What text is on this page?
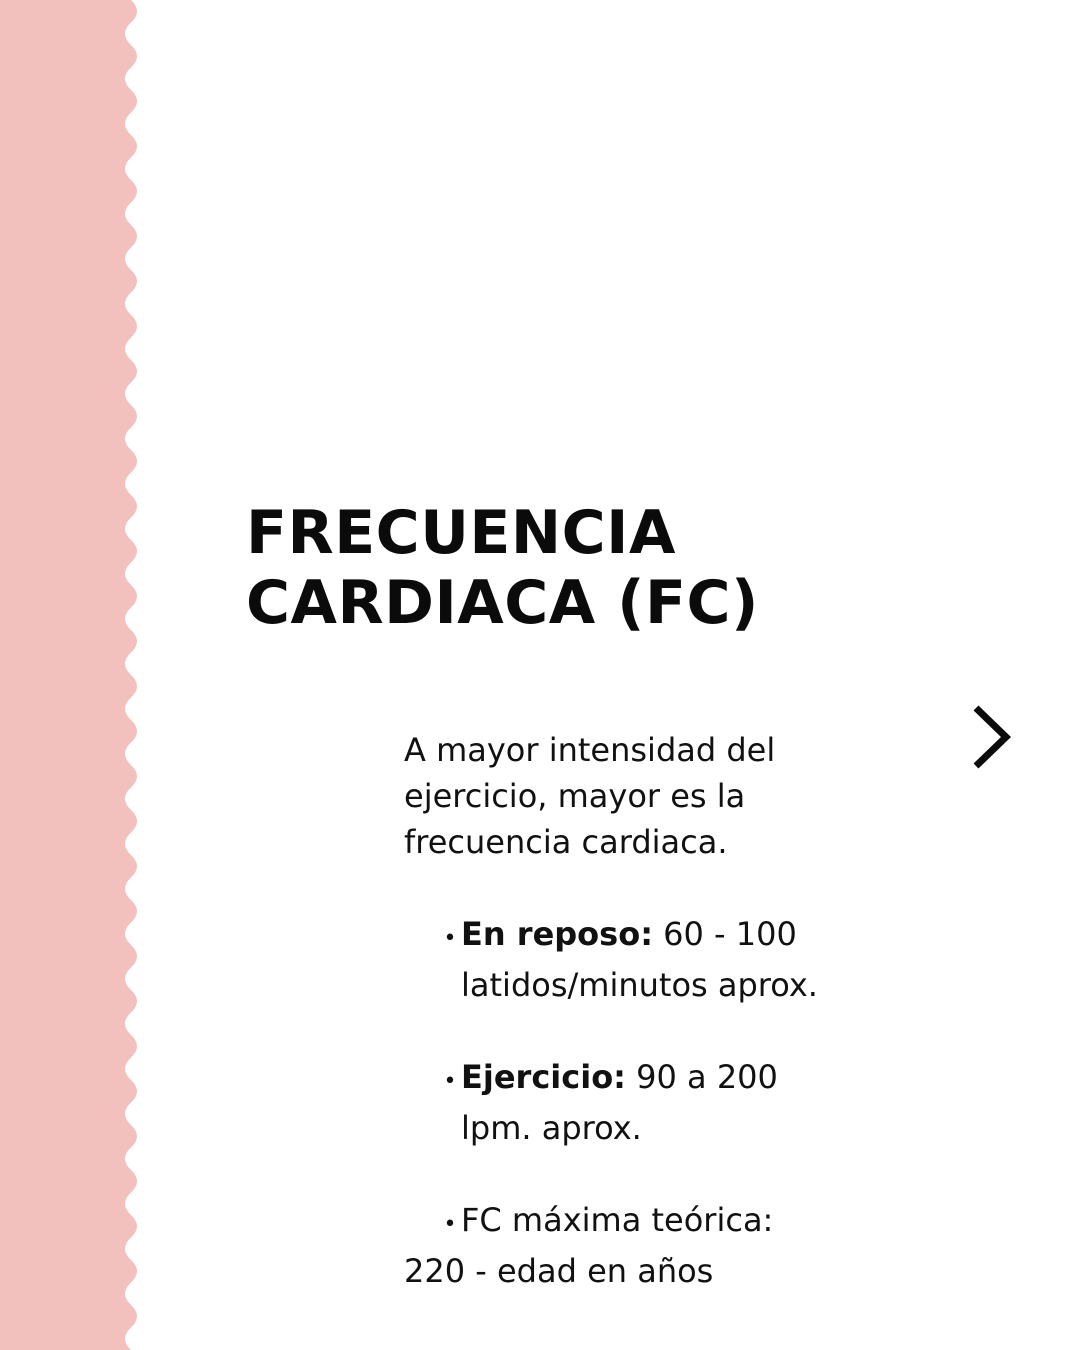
FRECUENCIA
CARDIACA (FC)

A mayor intensidad del
ejercicio, mayor es la
frecuencia cardiaca.

• En reposo: 60 - 100
latidos/minutos aprox.
• Ejercicio: 90 a 200
lpm. aprox.
• FC máxima teórica:
220 - edad en años
